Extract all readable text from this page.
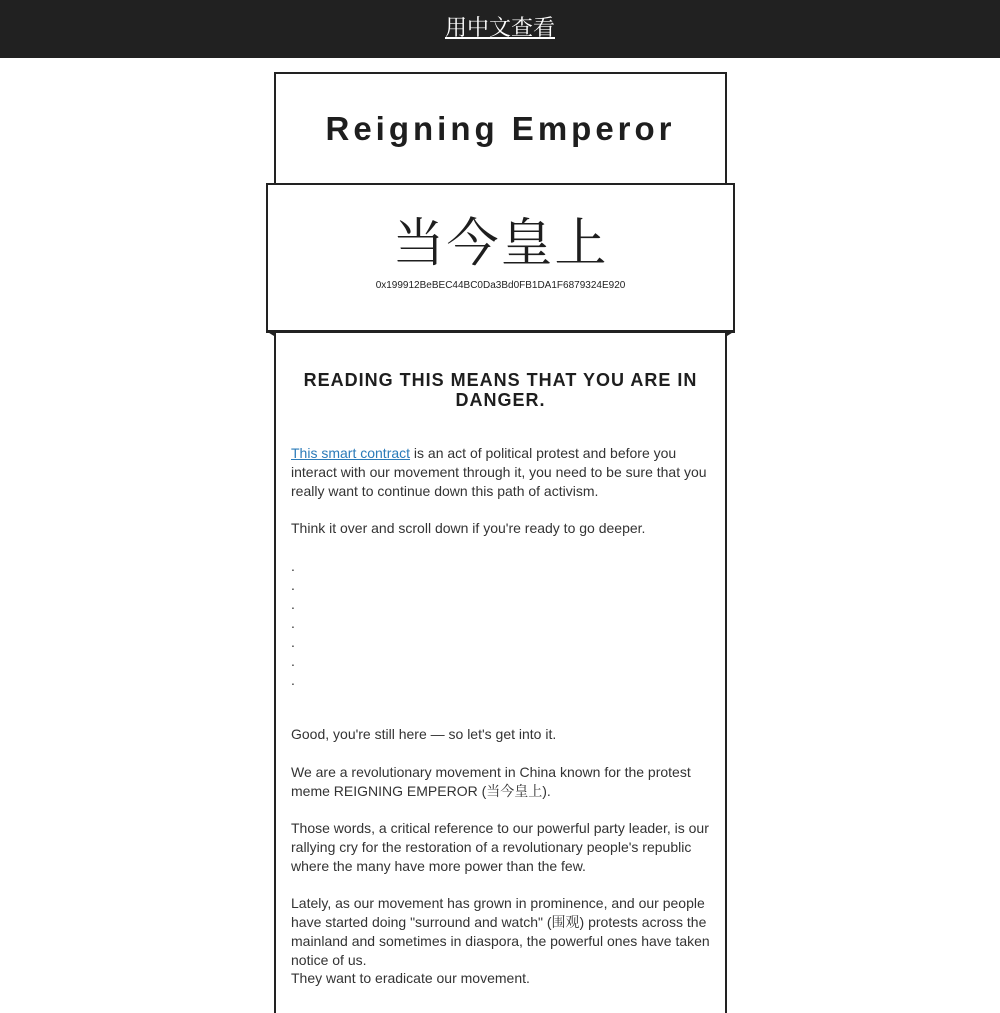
用中文查看
Reigning Emperor
当今皇上
0x199912BeBEC44BC0Da3Bd0FB1DA1F6879324E920
READING THIS MEANS THAT YOU ARE IN DANGER.

This smart contract is an act of political protest and before you interact with our movement through it, you need to be sure that you really want to continue down this path of activism.

Think it over and scroll down if you're ready to go deeper.

.
.
.
.
.
.
.

Good, you're still here — so let's get into it.

We are a revolutionary movement in China known for the protest meme REIGNING EMPEROR (当今皇上).

Those words, a critical reference to our powerful party leader, is our rallying cry for the restoration of a revolutionary people's republic where the many have more power than the few.

Lately, as our movement has grown in prominence, and our people have started doing "surround and watch" (围观) protests across the mainland and sometimes in diaspora, the powerful ones have taken notice of us.

They want to eradicate our movement.
